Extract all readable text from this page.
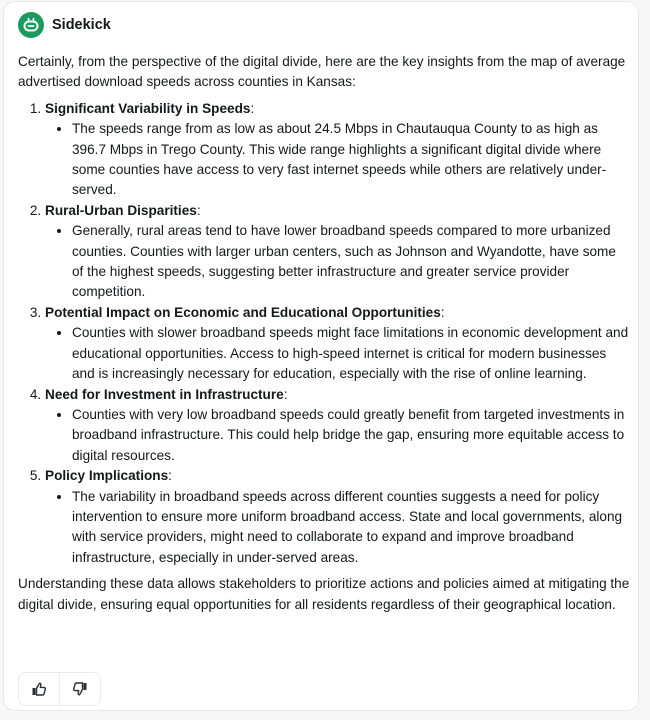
Sidekick

Certainly, from the perspective of the digital divide, here are the key insights from the map of average advertised download speeds across counties in Kansas:

1. Significant Variability in Speeds:
• The speeds range from as low as about 24.5 Mbps in Chautauqua County to as high as 396.7 Mbps in Trego County. This wide range highlights a significant digital divide where some counties have access to very fast internet speeds while others are relatively under-served.
2. Rural-Urban Disparities:
• Generally, rural areas tend to have lower broadband speeds compared to more urbanized counties. Counties with larger urban centers, such as Johnson and Wyandotte, have some of the highest speeds, suggesting better infrastructure and greater service provider competition.
3. Potential Impact on Economic and Educational Opportunities:
• Counties with slower broadband speeds might face limitations in economic development and educational opportunities. Access to high-speed internet is critical for modern businesses and is increasingly necessary for education, especially with the rise of online learning.
4. Need for Investment in Infrastructure:
• Counties with very low broadband speeds could greatly benefit from targeted investments in broadband infrastructure. This could help bridge the gap, ensuring more equitable access to digital resources.
5. Policy Implications:
• The variability in broadband speeds across different counties suggests a need for policy intervention to ensure more uniform broadband access. State and local governments, along with service providers, might need to collaborate to expand and improve broadband infrastructure, especially in under-served areas.

Understanding these data allows stakeholders to prioritize actions and policies aimed at mitigating the digital divide, ensuring equal opportunities for all residents regardless of their geographical location.
